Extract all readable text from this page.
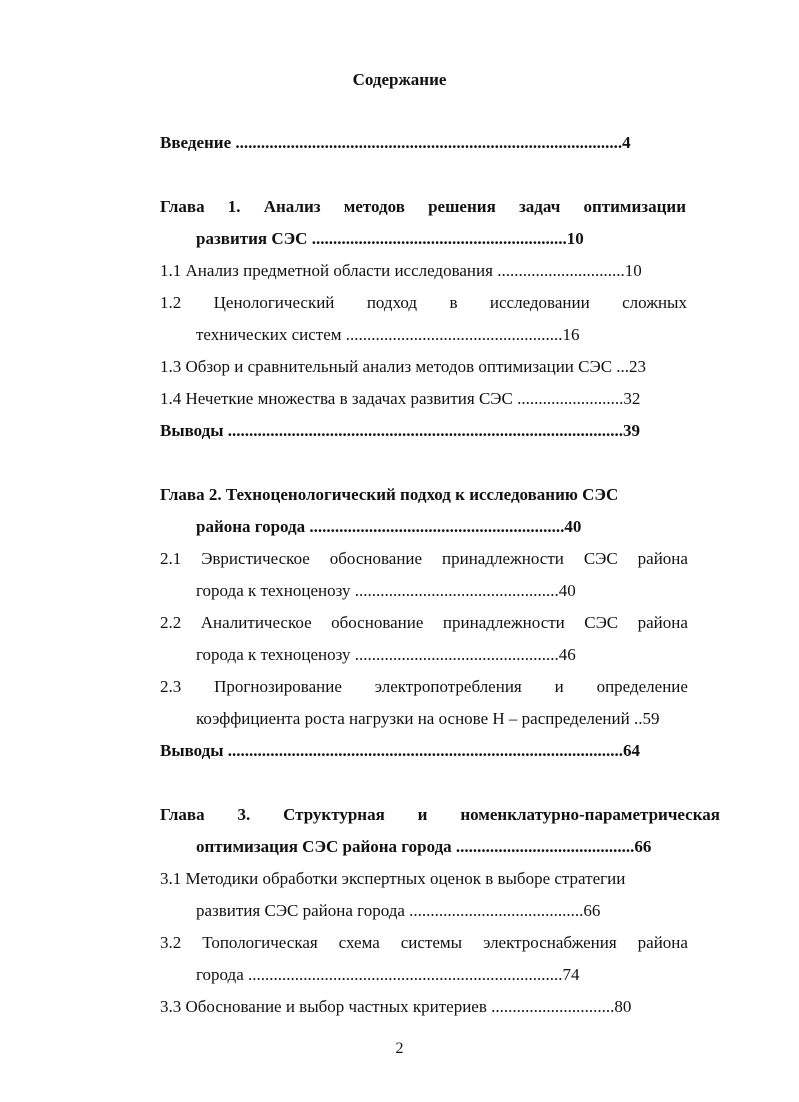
Содержание
Введение ...........................................................................................4
Глава 1. Анализ методов решения задач оптимизации
развития СЭС ............................................................10
1.1 Анализ предметной области исследования ..............................10
1.2 Ценологический подход в исследовании сложных
технических систем ...................................................16
1.3 Обзор и сравнительный анализ методов оптимизации СЭС ...23
1.4 Нечеткие множества в задачах развития СЭС .........................32
Выводы .............................................................................................39
Глава 2. Техноценологический подход к исследованию СЭС
района города ............................................................40
2.1 Эвристическое обоснование принадлежности СЭС района
города к техноценозу ................................................40
2.2 Аналитическое обоснование принадлежности СЭС района
города к техноценозу ................................................46
2.3 Прогнозирование электропотребления и определение
коэффициента роста нагрузки на основе H – распределений ..59
Выводы .............................................................................................64
Глава 3. Структурная и номенклатурно-параметрическая
оптимизация СЭС района города ..........................................66
3.1 Методики обработки экспертных оценок в выборе стратегии
развития СЭС района города .........................................66
3.2 Топологическая схема системы электроснабжения района
города ..........................................................................74
3.3 Обоснование и выбор частных критериев .............................80
2
